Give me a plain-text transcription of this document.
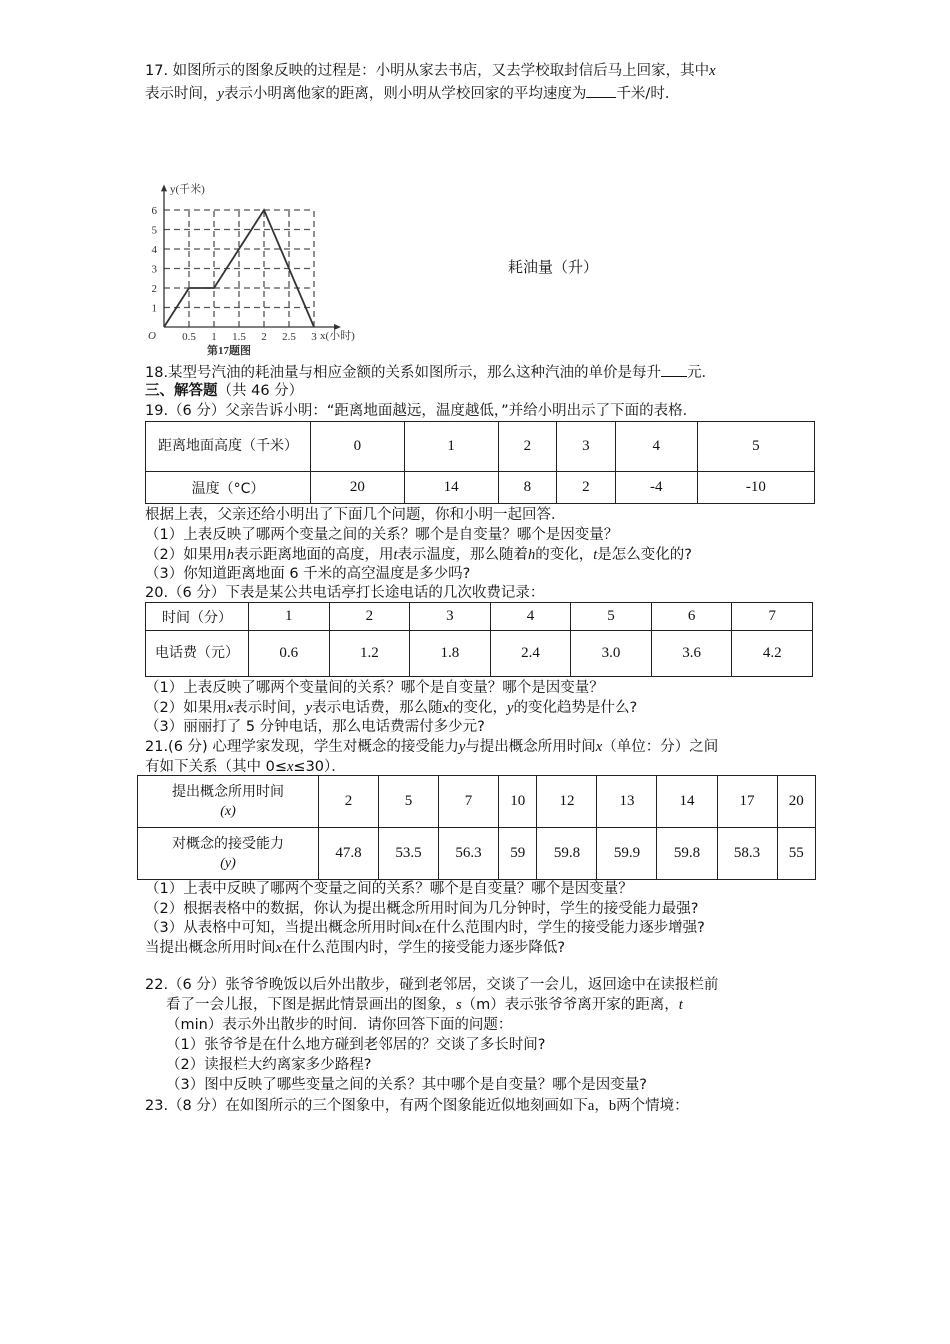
17. 如图所示的图象反映的过程是：小明从家去书店，又去学校取封信后马上回家，其中x
表示时间，y表示小明离他家的距离，则小明从学校回家的平均速度为 千米/时．
0.5 1 1.5 2 2.5 3
1
2
3
4
5
6
O
y(千米)
x(小时)
第17题图
耗油量（升）
18.某型号汽油的耗油量与相应金额的关系如图所示，那么这种汽油的单价是每升 元．
三、解答题（共 46 分）
19.（6 分）父亲告诉小明：“距离地面越远，温度越低，”并给小明出示了下面的表格．
距离地面高度（千米）	0	1	2	3	4	5
温度（°C）	20	14	8	2	-4	-10
根据上表，父亲还给小明出了下面几个问题，你和小明一起回答．
（1）上表反映了哪两个变量之间的关系？哪个是自变量？哪个是因变量？
（2）如果用h表示距离地面的高度，用t表示温度，那么随着h的变化，t是怎么变化的?
（3）你知道距离地面 6 千米的高空温度是多少吗?
20.（6 分）下表是某公共电话亭打长途电话的几次收费记录：
时间（分）	1	2	3	4	5	6	7
电话费（元）	0.6	1.2	1.8	2.4	3.0	3.6	4.2
（1）上表反映了哪两个变量间的关系？哪个是自变量？哪个是因变量？
（2）如果用x表示时间，y表示电话费，那么随x的变化，y的变化趋势是什么?
（3）丽丽打了 5 分钟电话，那么电话费需付多少元?
21.(6 分) 心理学家发现，学生对概念的接受能力y与提出概念所用时间x（单位：分）之间
有如下关系（其中 0≤x≤30）．
提出概念所用时间
(x)	2	5	7	10	12	13	14	17	20

对概念的接受能力
(y)	47.8	53.5	56.3	59	59.8	59.9	59.8	58.3	55
（1）上表中反映了哪两个变量之间的关系？哪个是自变量？哪个是因变量？
（2）根据表格中的数据，你认为提出概念所用时间为几分钟时，学生的接受能力最强?
（3）从表格中可知，当提出概念所用时间x在什么范围内时，学生的接受能力逐步增强?
当提出概念所用时间x在什么范围内时，学生的接受能力逐步降低?
22.（6 分）张爷爷晚饭以后外出散步，碰到老邻居，交谈了一会儿，返回途中在读报栏前
看了一会儿报，下图是据此情景画出的图象，s（m）表示张爷爷离开家的距离，t
（min）表示外出散步的时间．请你回答下面的问题：
（1）张爷爷是在什么地方碰到老邻居的？交谈了多长时间?
（2）读报栏大约离家多少路程?
（3）图中反映了哪些变量之间的关系？其中哪个是自变量？哪个是因变量?
23.（8 分）在如图所示的三个图象中，有两个图象能近似地刻画如下a，b两个情境：
